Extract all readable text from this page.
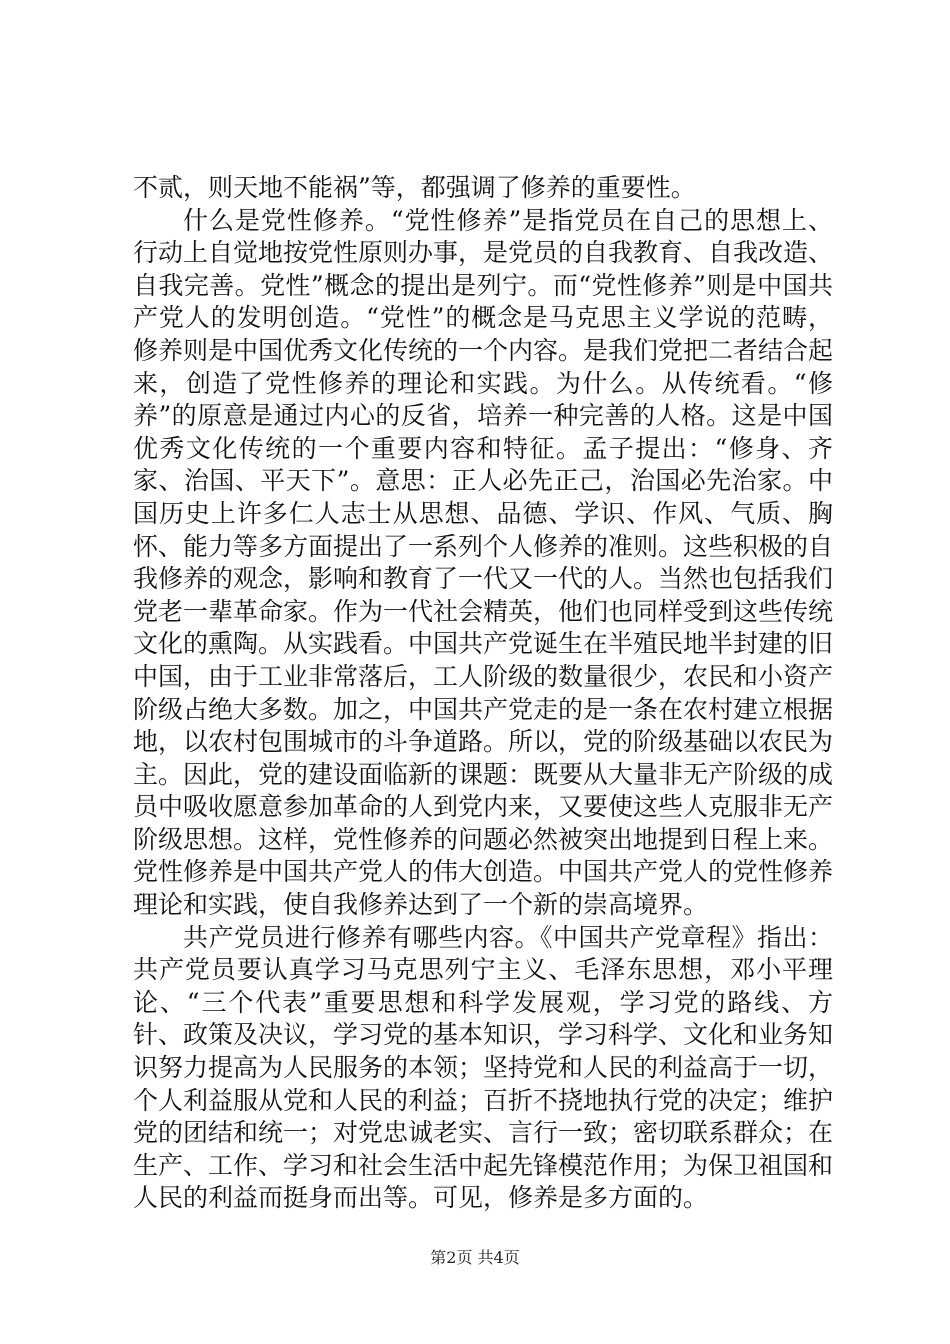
不贰，则天地不能祸”等，都强调了修养的重要性。

什么是党性修养。“党性修养”是指党员在自己的思想上、行动上自觉地按党性原则办事，是党员的自我教育、自我改造、自我完善。党性”概念的提出是列宁。而“党性修养”则是中国共产党人的发明创造。“党性”的概念是马克思主义学说的范畴，修养则是中国优秀文化传统的一个内容。是我们党把二者结合起来，创造了党性修养的理论和实践。为什么。从传统看。“修养”的原意是通过内心的反省，培养一种完善的人格。这是中国优秀文化传统的一个重要内容和特征。孟子提出：“修身、齐家、治国、平天下”。意思：正人必先正己，治国必先治家。中国历史上许多仁人志士从思想、品德、学识、作风、气质、胸怀、能力等多方面提出了一系列个人修养的准则。这些积极的自我修养的观念，影响和教育了一代又一代的人。当然也包括我们党老一辈革命家。作为一代社会精英，他们也同样受到这些传统文化的熏陶。从实践看。中国共产党诞生在半殖民地半封建的旧中国，由于工业非常落后，工人阶级的数量很少，农民和小资产阶级占绝大多数。加之，中国共产党走的是一条在农村建立根据地，以农村包围城市的斗争道路。所以，党的阶级基础以农民为主。因此，党的建设面临新的课题：既要从大量非无产阶级的成员中吸收愿意参加革命的人到党内来，又要使这些人克服非无产阶级思想。这样，党性修养的问题必然被突出地提到日程上来。党性修养是中国共产党人的伟大创造。中国共产党人的党性修养理论和实践，使自我修养达到了一个新的崇高境界。

共产党员进行修养有哪些内容。《中国共产党章程》指出：共产党员要认真学习马克思列宁主义、毛泽东思想，邓小平理论、“三个代表”重要思想和科学发展观，学习党的路线、方针、政策及决议，学习党的基本知识，学习科学、文化和业务知识努力提高为人民服务的本领；坚持党和人民的利益高于一切，个人利益服从党和人民的利益；百折不挠地执行党的决定；维护党的团结和统一；对党忠诚老实、言行一致；密切联系群众；在生产、工作、学习和社会生活中起先锋模范作用；为保卫祖国和人民的利益而挺身而出等。可见，修养是多方面的。

第2页 共4页
